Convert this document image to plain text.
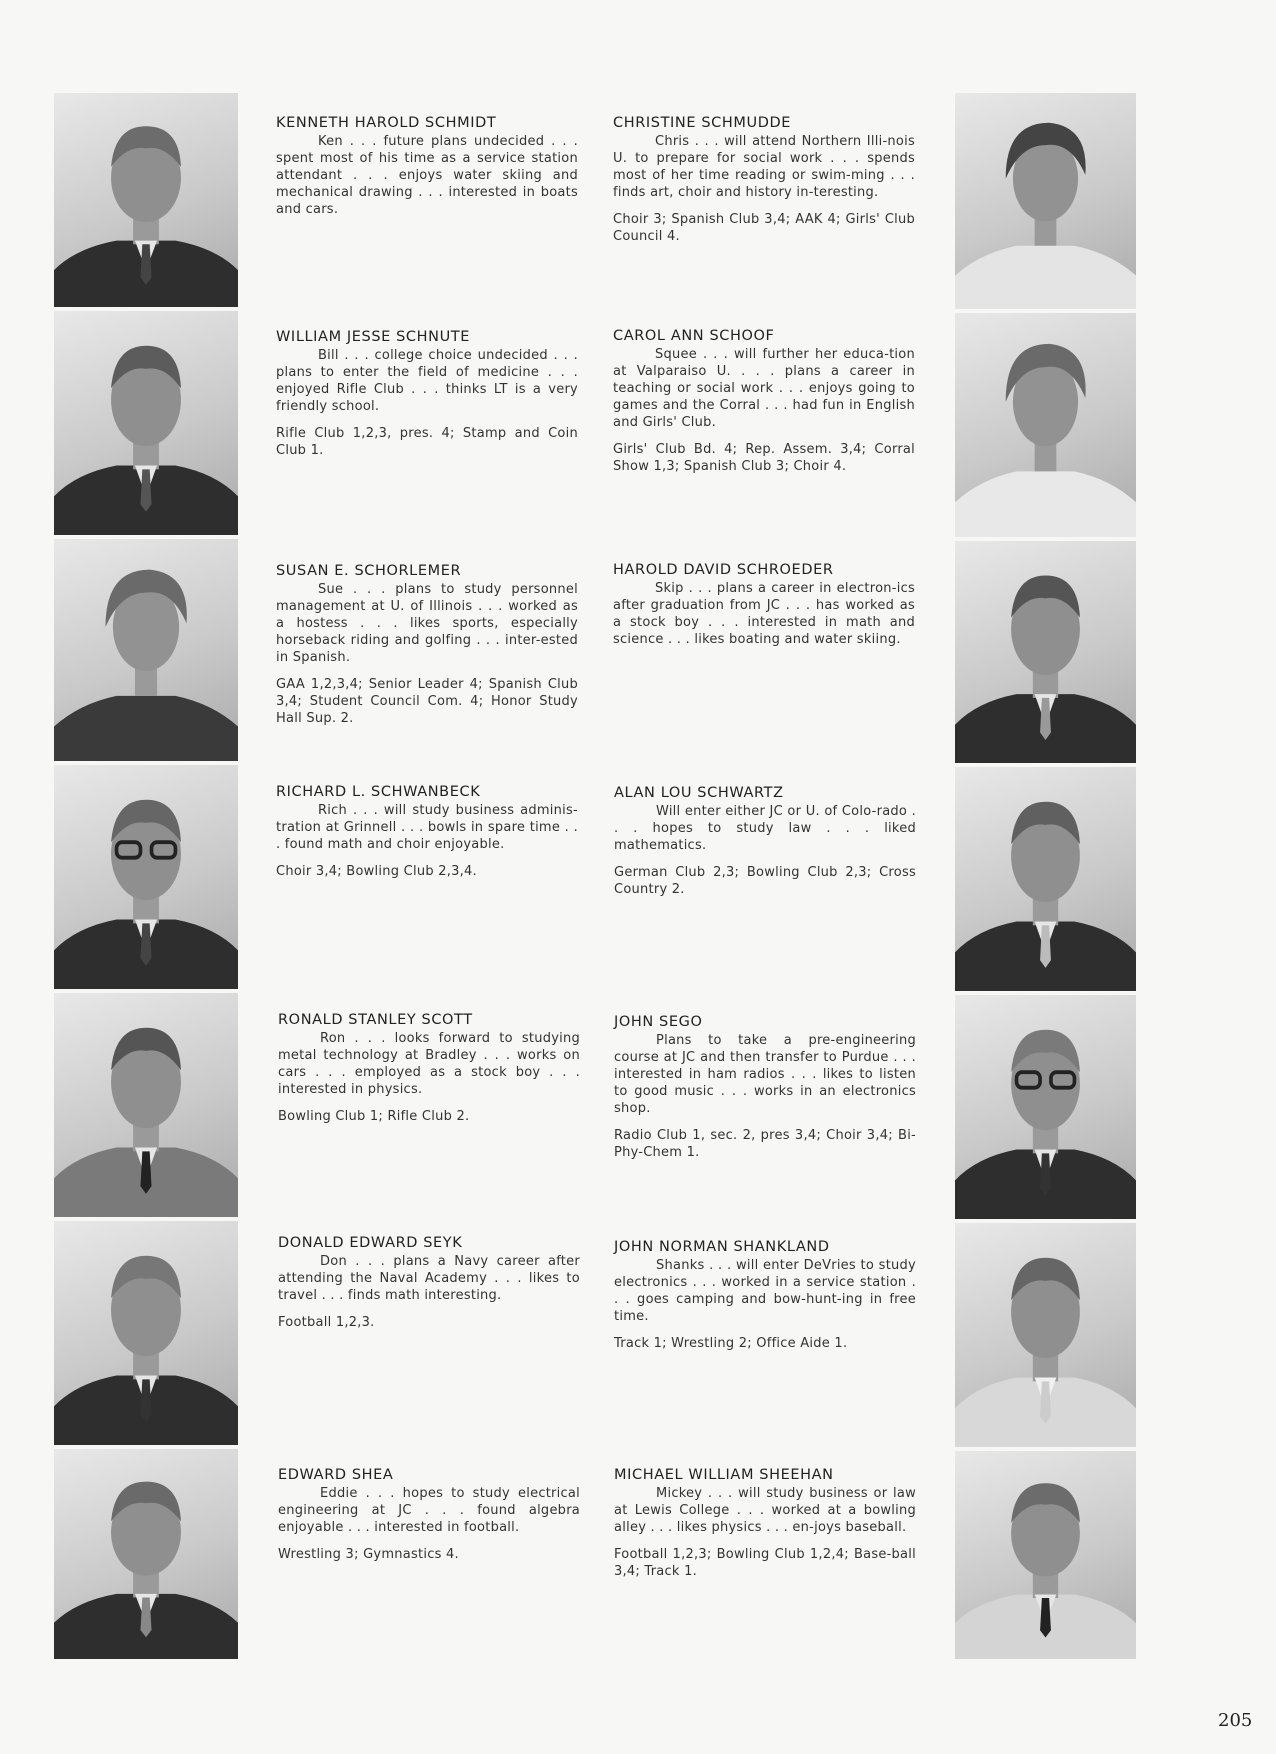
KENNETH HAROLD SCHMIDT

Ken . . . future plans undecided . . . spent most of his time as a service station attendant . . . enjoys water skiing and mechanical drawing . . . interested in boats and cars.

WILLIAM JESSE SCHNUTE

Bill . . . college choice undecided . . . plans to enter the field of medicine . . . enjoyed Rifle Club . . . thinks LT is a very friendly school.

Rifle Club 1,2,3, pres. 4; Stamp and Coin Club 1.

SUSAN E. SCHORLEMER

Sue . . . plans to study personnel management at U. of Illinois . . . worked as a hostess . . . likes sports, especially horseback riding and golfing . . . inter-ested in Spanish.

GAA 1,2,3,4; Senior Leader 4; Spanish Club 3,4; Student Council Com. 4; Honor Study Hall Sup. 2.

RICHARD L. SCHWANBECK

Rich . . . will study business adminis-tration at Grinnell . . . bowls in spare time . . . found math and choir enjoyable.

Choir 3,4; Bowling Club 2,3,4.

RONALD STANLEY SCOTT

Ron . . . looks forward to studying metal technology at Bradley . . . works on cars . . . employed as a stock boy . . . interested in physics.

Bowling Club 1; Rifle Club 2.

DONALD EDWARD SEYK

Don . . . plans a Navy career after attending the Naval Academy . . . likes to travel . . . finds math interesting.

Football 1,2,3.

EDWARD SHEA

Eddie . . . hopes to study electrical engineering at JC . . . found algebra enjoyable . . . interested in football.

Wrestling 3; Gymnastics 4.

CHRISTINE SCHMUDDE

Chris . . . will attend Northern Illi-nois U. to prepare for social work . . . spends most of her time reading or swim-ming . . . finds art, choir and history in-teresting.

Choir 3; Spanish Club 3,4; AAK 4; Girls' Club Council 4.

CAROL ANN SCHOOF

Squee . . . will further her educa-tion at Valparaiso U. . . . plans a career in teaching or social work . . . enjoys going to games and the Corral . . . had fun in English and Girls' Club.

Girls' Club Bd. 4; Rep. Assem. 3,4; Corral Show 1,3; Spanish Club 3; Choir 4.

HAROLD DAVID SCHROEDER

Skip . . . plans a career in electron-ics after graduation from JC . . . has worked as a stock boy . . . interested in math and science . . . likes boating and water skiing.

ALAN LOU SCHWARTZ

Will enter either JC or U. of Colo-rado . . . hopes to study law . . . liked mathematics.

German Club 2,3; Bowling Club 2,3; Cross Country 2.

JOHN SEGO

Plans to take a pre-engineering course at JC and then transfer to Purdue . . . interested in ham radios . . . likes to listen to good music . . . works in an electronics shop.

Radio Club 1, sec. 2, pres 3,4; Choir 3,4; Bi-Phy-Chem 1.

JOHN NORMAN SHANKLAND

Shanks . . . will enter DeVries to study electronics . . . worked in a service station . . . goes camping and bow-hunt-ing in free time.

Track 1; Wrestling 2; Office Aide 1.

MICHAEL WILLIAM SHEEHAN

Mickey . . . will study business or law at Lewis College . . . worked at a bowling alley . . . likes physics . . . en-joys baseball.

Football 1,2,3; Bowling Club 1,2,4; Base-ball 3,4; Track 1.

205
